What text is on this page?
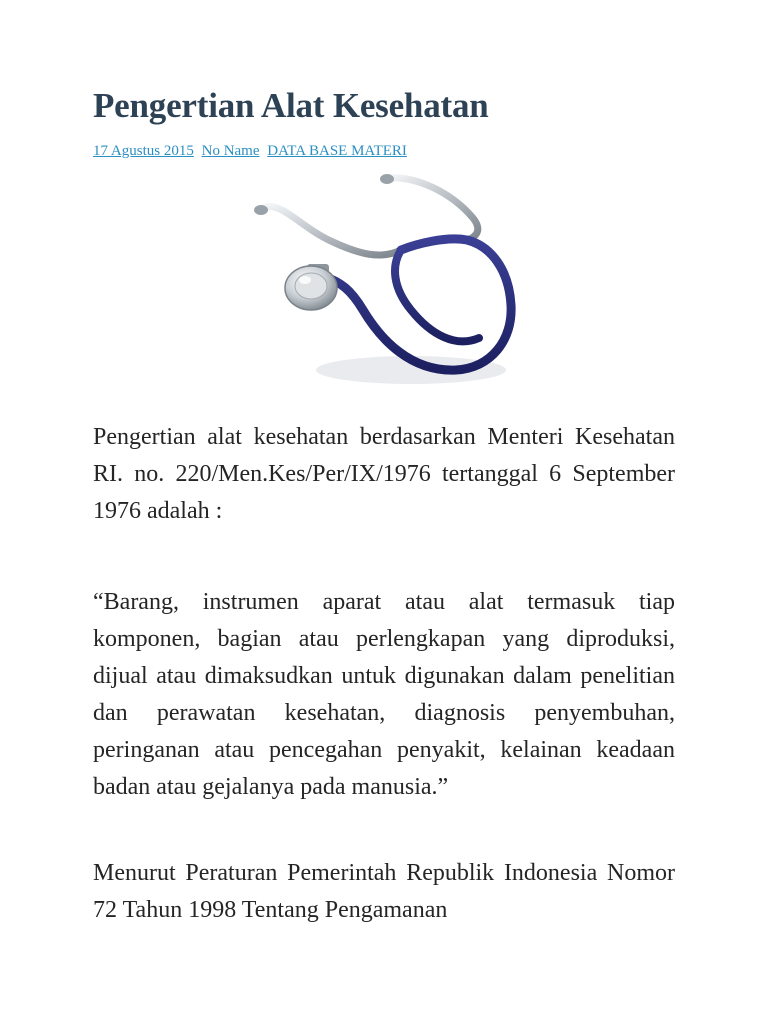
Pengertian Alat Kesehatan
17 Agustus 2015 No Name DATA BASE MATERI

Pengertian alat kesehatan berdasarkan Menteri Kesehatan RI. no. 220/Men.Kes/Per/IX/1976 tertanggal 6 September 1976 adalah :

“Barang, instrumen aparat atau alat termasuk tiap komponen, bagian atau perlengkapan yang diproduksi, dijual atau dimaksudkan untuk digunakan dalam penelitian dan perawatan kesehatan, diagnosis penyembuhan, peringanan atau pencegahan penyakit, kelainan keadaan badan atau gejalanya pada manusia.”

Menurut Peraturan Pemerintah Republik Indonesia Nomor 72 Tahun 1998 Tentang Pengamanan
